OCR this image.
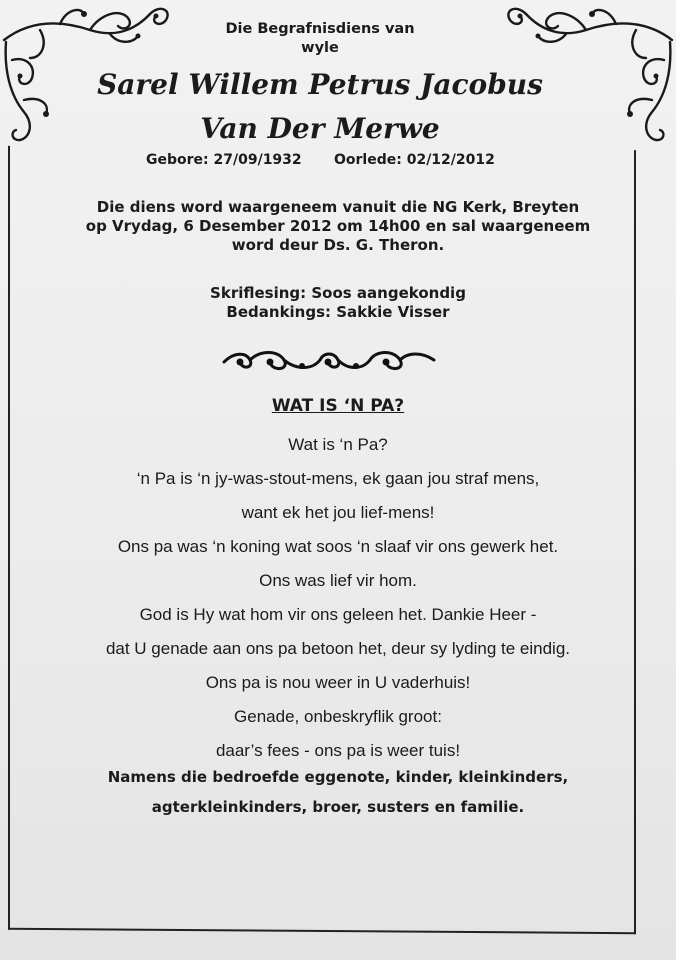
Die Begrafnisdiens van
wyle
Sarel Willem Petrus Jacobus
Van Der Merwe
Gebore: 27/09/1932 Oorlede: 02/12/2012
Die diens word waargeneem vanuit die NG Kerk, Breyten
op Vrydag, 6 Desember 2012 om 14h00 en sal waargeneem
word deur Ds. G. Theron.
Skriflesing: Soos aangekondig
Bedankings: Sakkie Visser
WAT IS ‘N PA?
Wat is ‘n Pa?
‘n Pa is ‘n jy-was-stout-mens, ek gaan jou straf mens,
want ek het jou lief-mens!
Ons pa was ‘n koning wat soos ‘n slaaf vir ons gewerk het.
Ons was lief vir hom.
God is Hy wat hom vir ons geleen het. Dankie Heer -
dat U genade aan ons pa betoon het, deur sy lyding te eindig.
Ons pa is nou weer in U vaderhuis!
Genade, onbeskryflik groot:
daar’s fees - ons pa is weer tuis!
Namens die bedroefde eggenote, kinder, kleinkinders,
agterkleinkinders, broer, susters en familie.
